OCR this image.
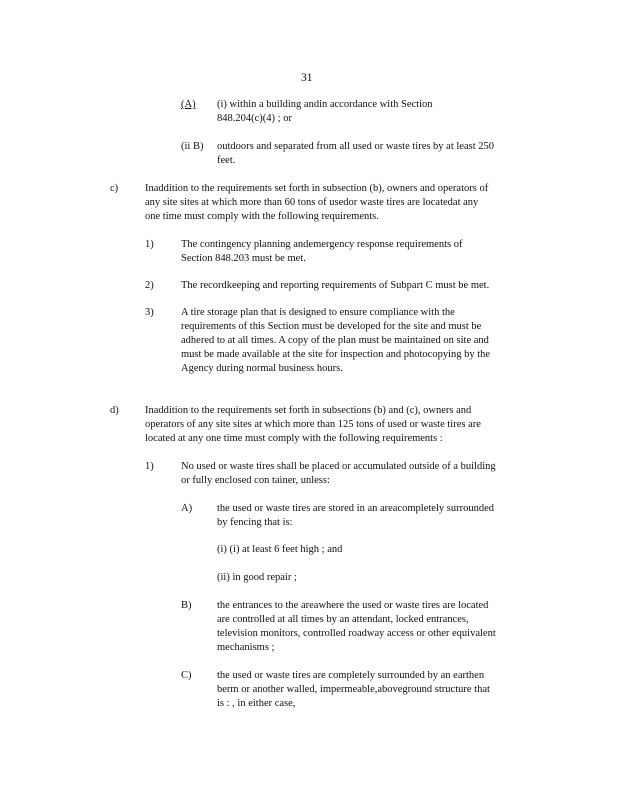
31
(A) (i) within a building andin accordance with Section
848.204(c)(4) ; or
(ii B) outdoors and separated from all used or waste tires by at least 250
feet.
c)	Inaddition to the requirements set forth in subsection (b), owners and operators of
any site sites at which more than 60 tons of usedor waste tires are locatedat any
one time must comply with the following requirements.
1)	The contingency planning andemergency response requirements of
Section 848.203 must be met.
2)	The recordkeeping and reporting requirements of Subpart C must be met.
3)	A tire storage plan that is designed to ensure compliance with the
requirements of this Section must be developed for the site and must be
adhered to at all times. A copy of the plan must be maintained on site and
must be made available at the site for inspection and photocopying by the
Agency during normal business hours.
d)	Inaddition to the requirements set forth in subsections (b) and (c), owners and
operators of any site sites at which more than 125 tons of used or waste tires are
located at any one time must comply with the following requirements :
1)	No used or waste tires shall be placed or accumulated outside of a building
or fully enclosed con tainer, unless:
A) the used or waste tires are stored in an areacompletely surrounded
by fencing that is:
(i) (i) at least 6 feet high ; and
(ii) in good repair ;
B) the entrances to the areawhere the used or waste tires are located
are controlled at all times by an attendant, locked entrances,
television monitors, controlled roadway access or other equivalent
mechanisms ;
C) the used or waste tires are completely surrounded by an earthen
berm or another walled, impermeable,aboveground structure that
is : , in either case,
